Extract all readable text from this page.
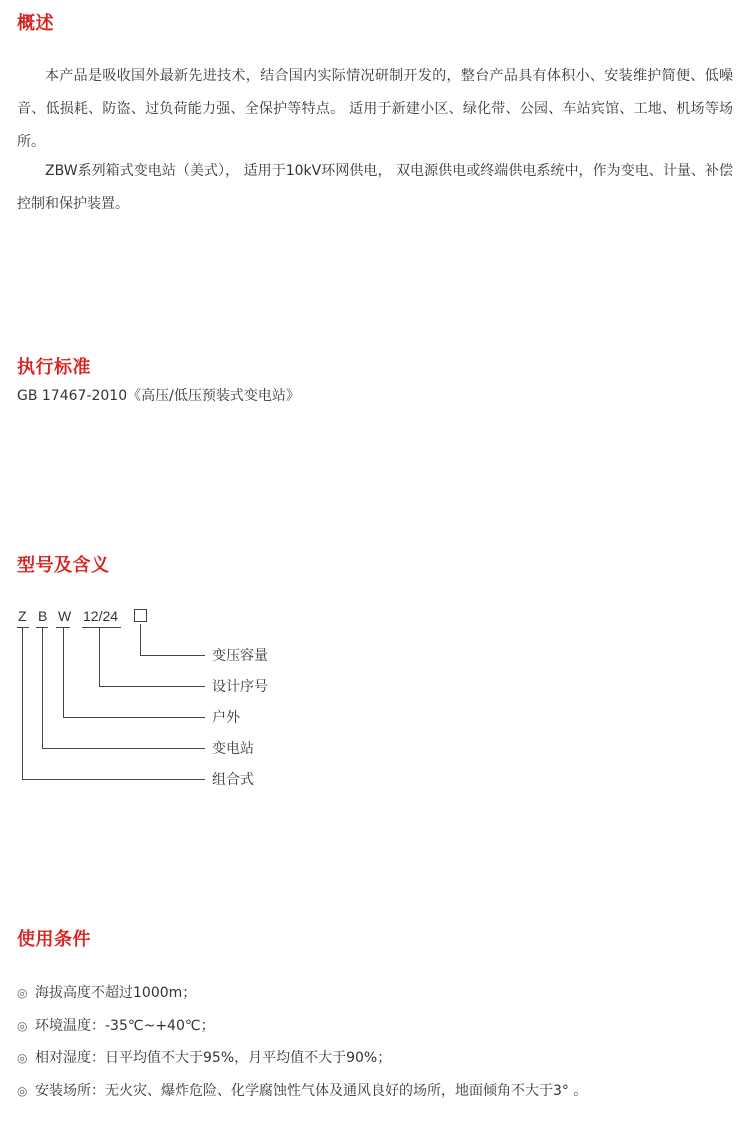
概述

本产品是吸收国外最新先进技术，结合国内实际情况研制开发的，整台产品具有体积小、安装维护简便、低噪音、低损耗、防盗、过负荷能力强、全保护等特点。 适用于新建小区、绿化带、公园、车站宾馆、工地、机场等场所。

ZBW系列箱式变电站（美式）， 适用于10kV环网供电， 双电源供电或终端供电系统中，作为变电、计量、补偿控制和保护装置。

执行标准

GB 17467-2010《高压/低压预装式变电站》

型号及含义
Z B W 12/24
变压容量
设计序号
户外
变电站
组合式
使用条件
◎ 海拔高度不超过1000m；
◎ 环境温度：-35℃~+40℃；
◎ 相对湿度：日平均值不大于95%，月平均值不大于90%；
◎ 安装场所：无火灾、爆炸危险、化学腐蚀性气体及通风良好的场所，地面倾角不大于3° 。
